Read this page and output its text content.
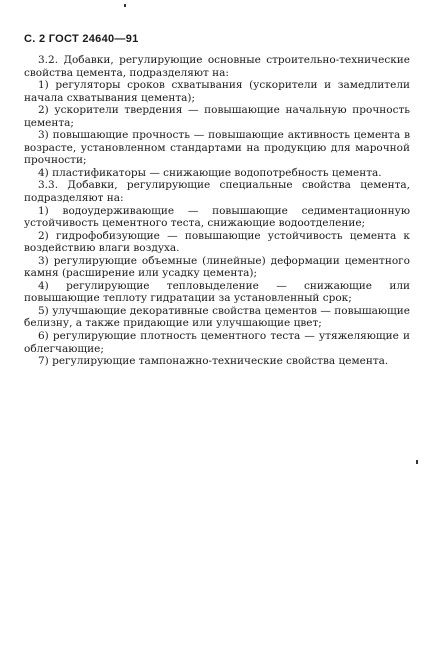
С. 2 ГОСТ 24640—91

3.2. Добавки, регулирующие основные строительно-технические свойства цемента, подразделяют на:

1) регуляторы сроков схватывания (ускорители и замедлители начала схватывания цемента);

2) ускорители твердения — повышающие начальную прочность цемента;

3) повышающие прочность — повышающие активность цемента в возрасте, установленном стандартами на продукцию для марочной прочности;

4) пластификаторы — снижающие водопотребность цемента.

3.3. Добавки, регулирующие специальные свойства цемента, подразделяют на:

1) водоудерживающие — повышающие седиментационную устойчивость цементного теста, снижающие водоотделение;

2) гидрофобизующие — повышающие устойчивость цемента к воздействию влаги воздуха.

3) регулирующие объемные (линейные) деформации цементного камня (расширение или усадку цемента);

4) регулирующие тепловыделение — снижающие или повышающие теплоту гидратации за установленный срок;

5) улучшающие декоративные свойства цементов — повышающие белизну, а также придающие или улучшающие цвет;

6) регулирующие плотность цементного теста — утяжеляющие и облегчающие;

7) регулирующие тампонажно-технические свойства цемента.
